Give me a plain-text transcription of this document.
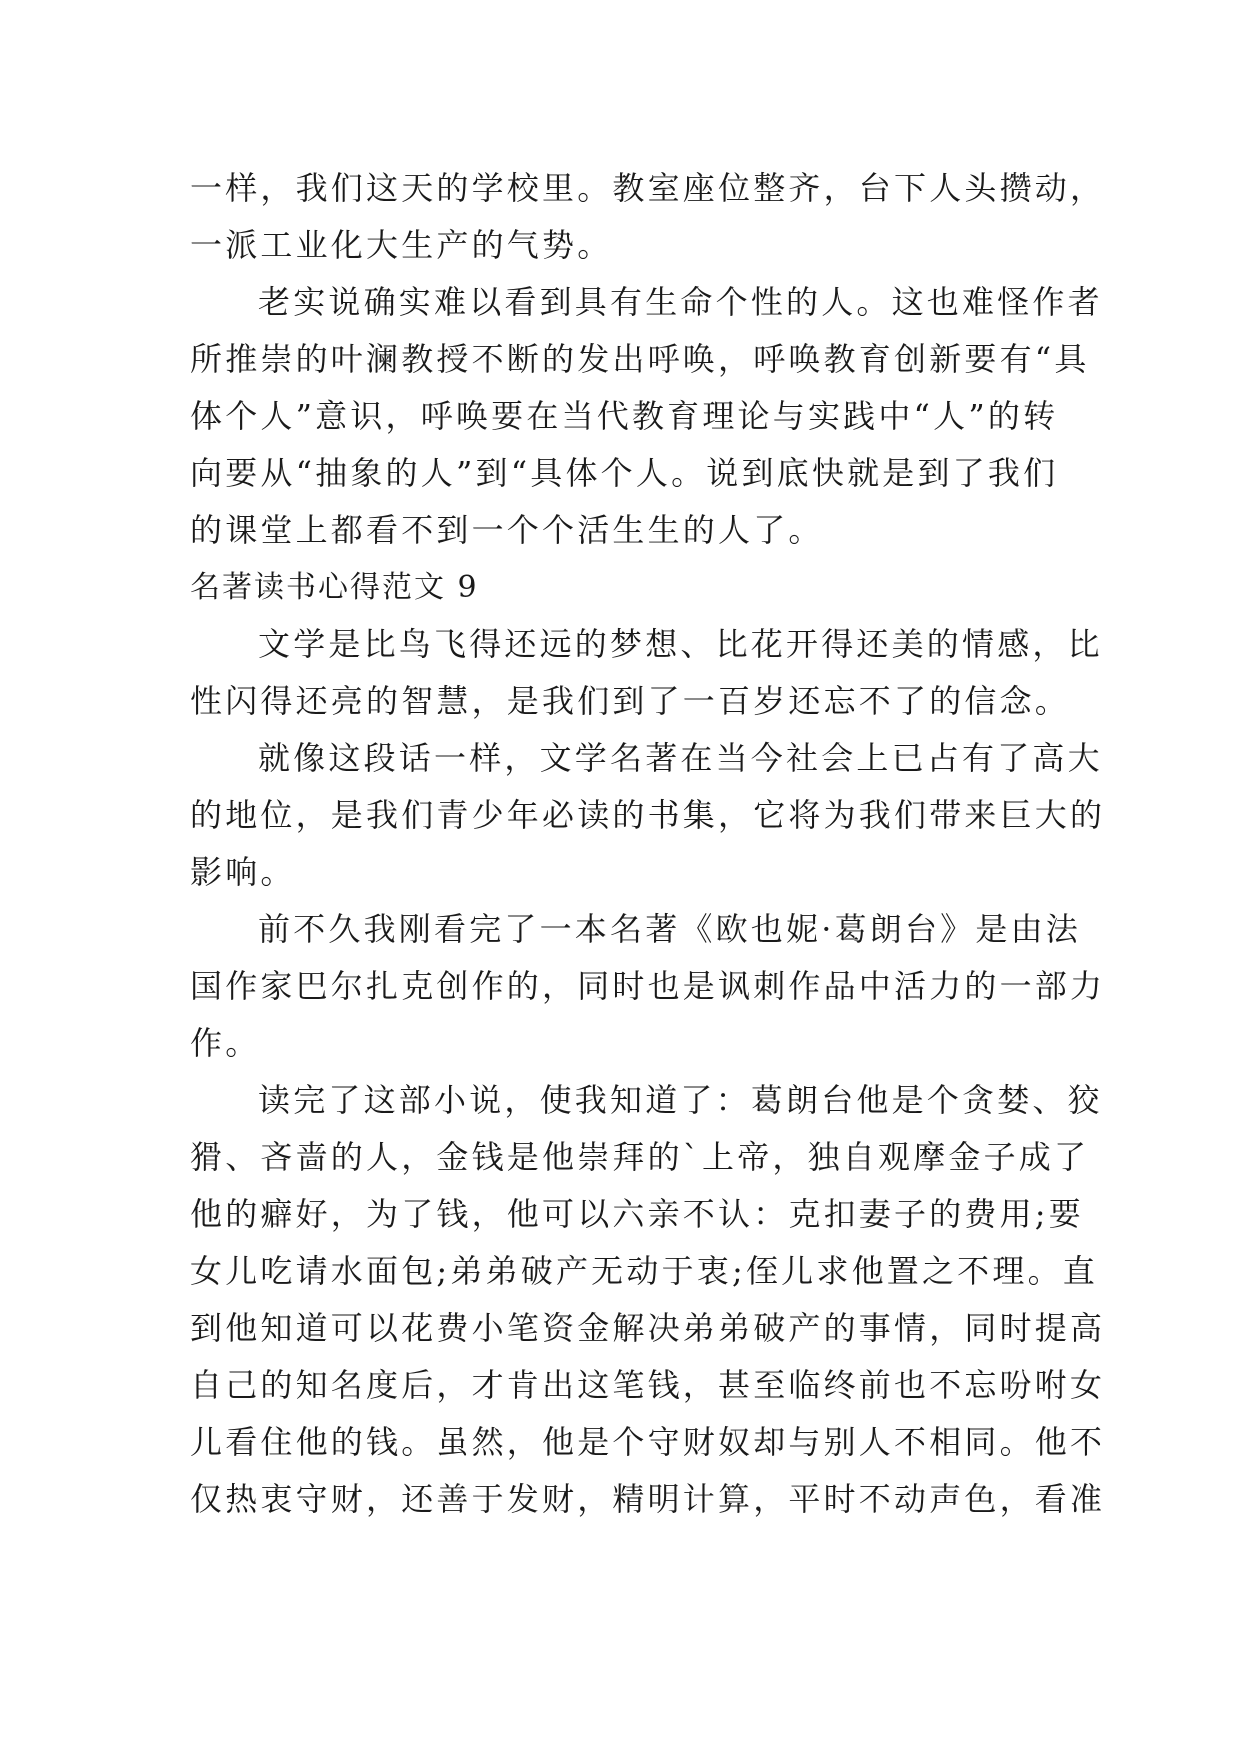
一样，我们这天的学校里。教室座位整齐，台下人头攒动，
一派工业化大生产的气势。
老实说确实难以看到具有生命个性的人。这也难怪作者
所推崇的叶澜教授不断的发出呼唤，呼唤教育创新要有“具
体个人”意识，呼唤要在当代教育理论与实践中“人”的转
向要从“抽象的人”到“具体个人。说到底快就是到了我们
的课堂上都看不到一个个活生生的人了。
名著读书心得范文 9
文学是比鸟飞得还远的梦想、比花开得还美的情感，比
性闪得还亮的智慧，是我们到了一百岁还忘不了的信念。
就像这段话一样，文学名著在当今社会上已占有了高大
的地位，是我们青少年必读的书集，它将为我们带来巨大的
影响。
前不久我刚看完了一本名著《欧也妮·葛朗台》是由法
国作家巴尔扎克创作的，同时也是讽刺作品中活力的一部力
作。
读完了这部小说，使我知道了：葛朗台他是个贪婪、狡
猾、吝啬的人，金钱是他崇拜的`上帝，独自观摩金子成了
他的癖好，为了钱，他可以六亲不认：克扣妻子的费用;要
女儿吃请水面包;弟弟破产无动于衷;侄儿求他置之不理。直
到他知道可以花费小笔资金解决弟弟破产的事情，同时提高
自己的知名度后，才肯出这笔钱，甚至临终前也不忘吩咐女
儿看住他的钱。虽然，他是个守财奴却与别人不相同。他不
仅热衷守财，还善于发财，精明计算，平时不动声色，看准
